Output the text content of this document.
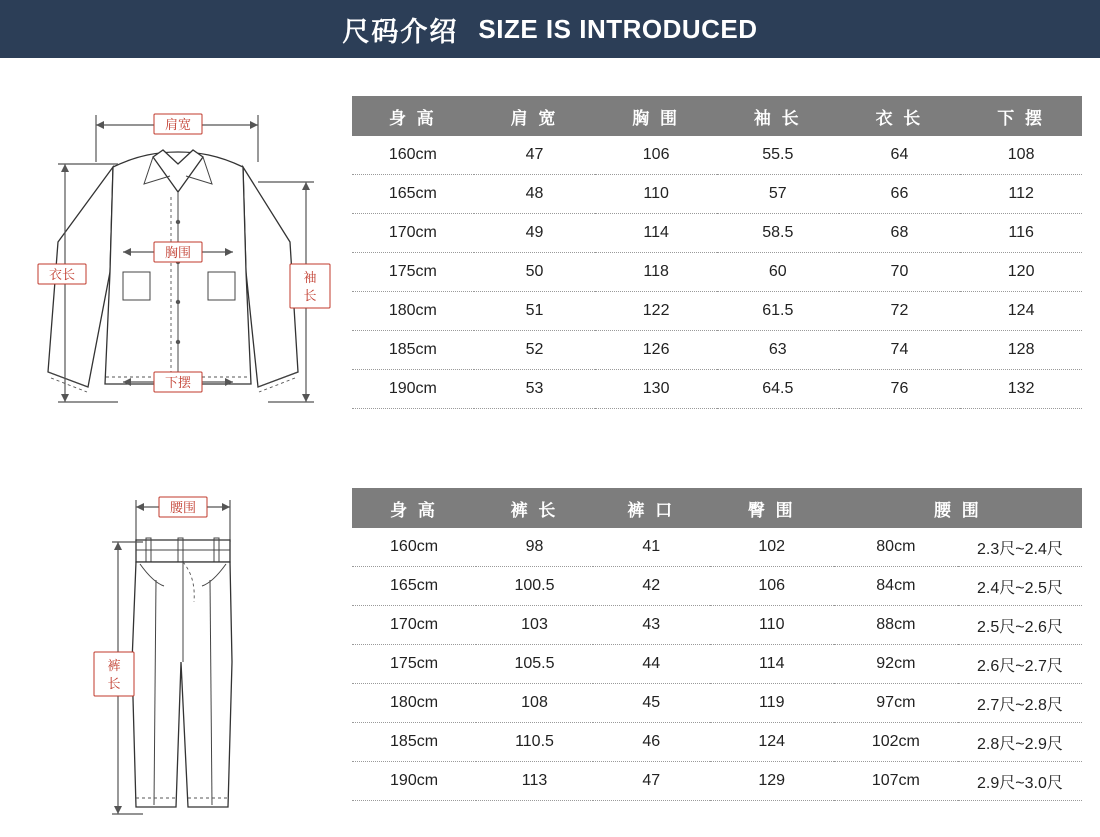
尺码介绍 SIZE IS INTRODUCED
肩宽
胸围
下摆
衣长	袖
长
腰围
裤
长
身 高	肩 宽	胸 围	袖 长	衣 长	下 摆
160cm	47	106	55.5	64	108
165cm	48	110	57	66	112
170cm	49	114	58.5	68	116
175cm	50	118	60	70	120
180cm	51	122	61.5	72	124
185cm	52	126	63	74	128
190cm	53	130	64.5	76	132
身 高	裤 长	裤 口	臀 围	腰 围	
160cm	98	41	102	80cm	2.3尺~2.4尺
165cm	100.5	42	106	84cm	2.4尺~2.5尺
170cm	103	43	110	88cm	2.5尺~2.6尺
175cm	105.5	44	114	92cm	2.6尺~2.7尺
180cm	108	45	119	97cm	2.7尺~2.8尺
185cm	110.5	46	124	102cm	2.8尺~2.9尺
190cm	113	47	129	107cm	2.9尺~3.0尺
